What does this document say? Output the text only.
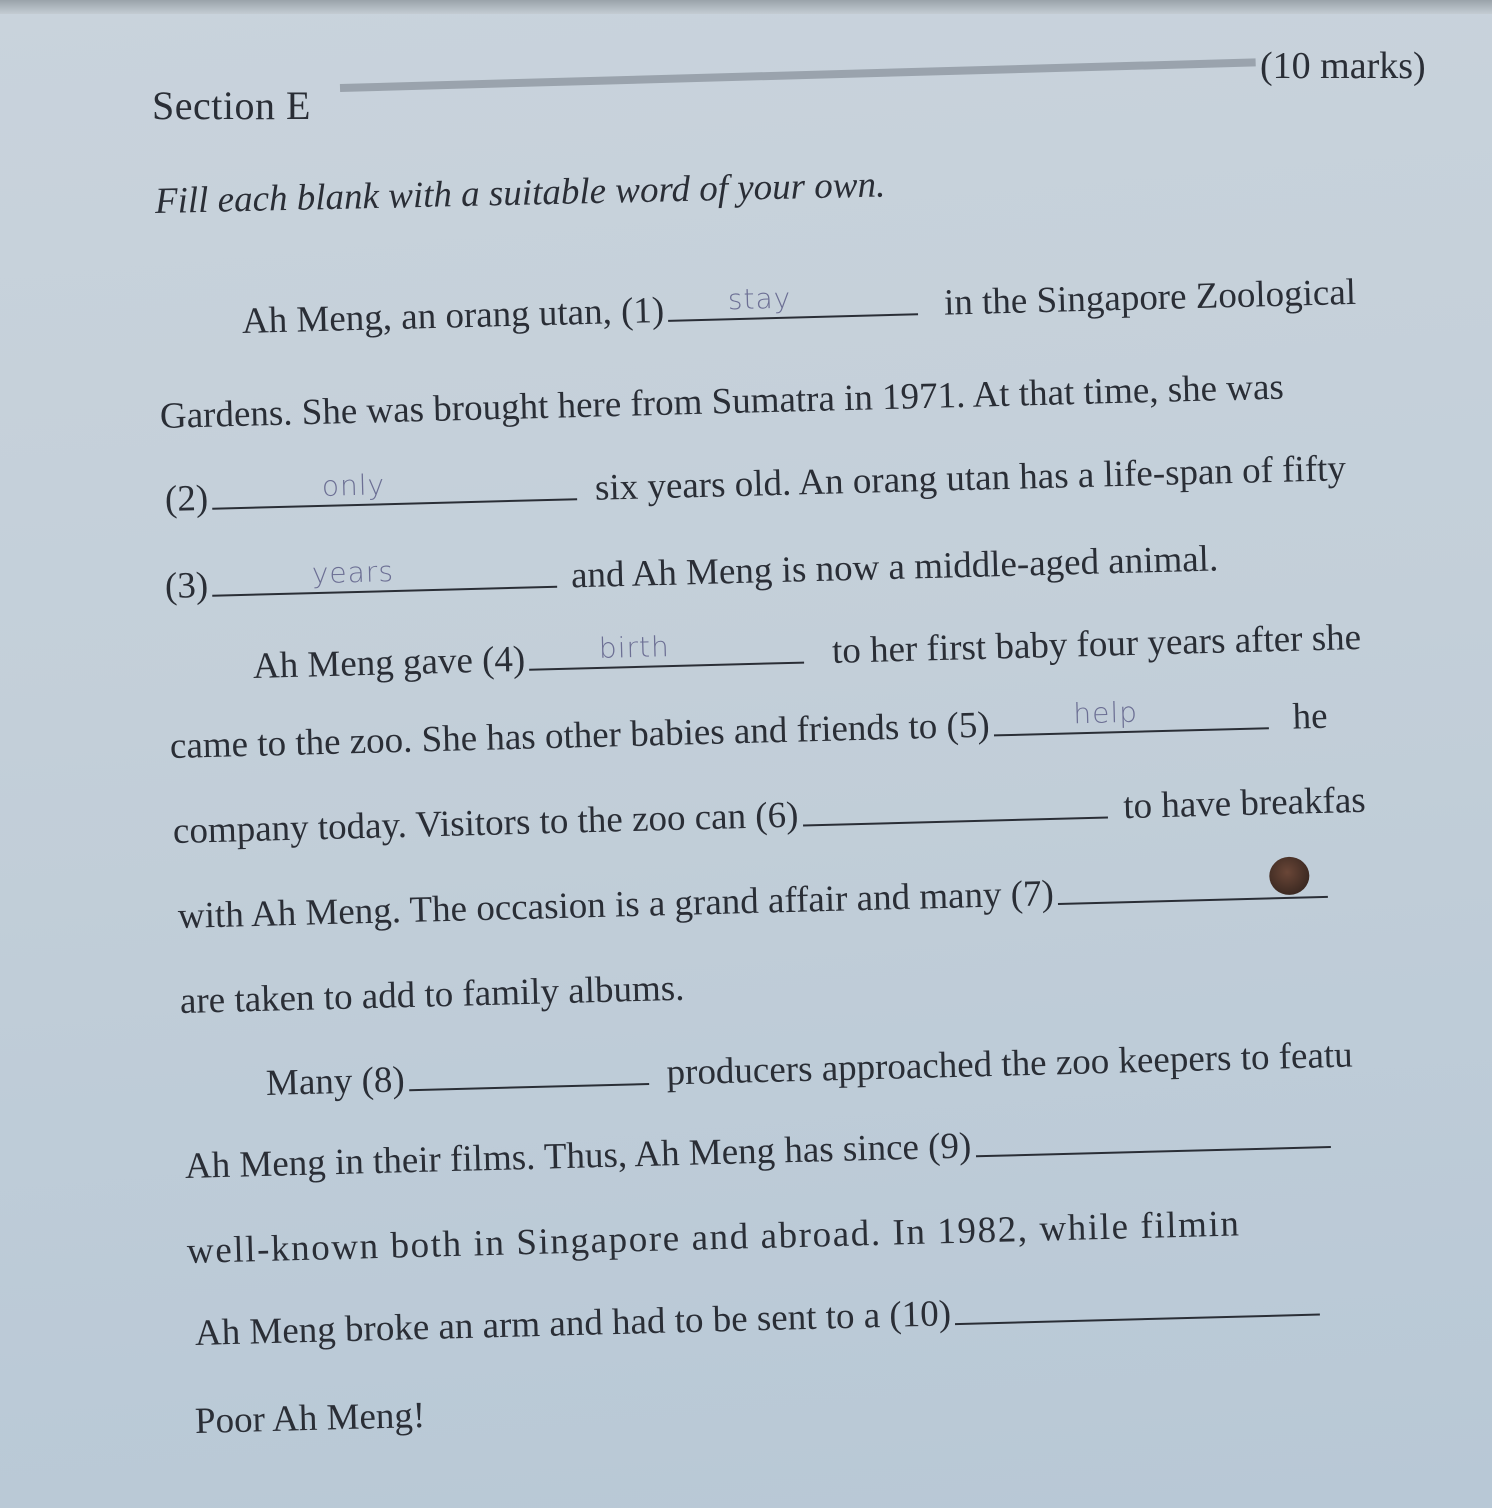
Section E
(10 marks)
Fill each blank with a suitable word of your own.
Ah Meng, an orang utan, (1) stay	in the Singapore Zoological
Gardens. She was brought here from Sumatra in 1971. At that time, she was
(2)	only	six years old. An orang utan has a life-span of fifty
(3)	years	and Ah Meng is now a middle-aged animal.
Ah Meng gave (4)	birth	to her first baby four years after she
came to the zoo. She has other babies and friends to (5)	help	he
company today. Visitors to the zoo can (6)	to have breakfas
with Ah Meng. The occasion is a grand affair and many (7)
are taken to add to family albums.
Many (8)	producers approached the zoo keepers to featu
Ah Meng in their films. Thus, Ah Meng has since (9)
well-known both in Singapore and abroad. In 1982, while filmin
Ah Meng broke an arm and had to be sent to a (10)
Poor Ah Meng!
